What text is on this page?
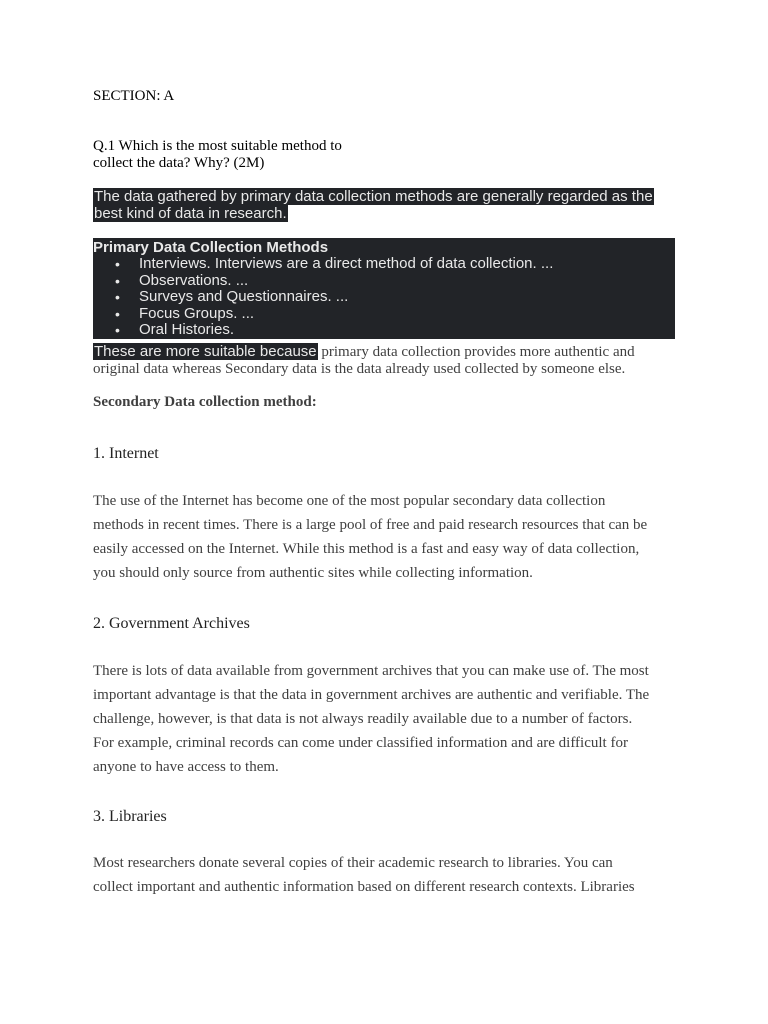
SECTION: A
Q.1 Which is the most suitable method to
collect the data? Why? (2M)
The data gathered by primary data collection methods are generally regarded as the
best kind of data in research.
Primary Data Collection Methods
• Interviews. Interviews are a direct method of data collection. ...
• Observations. ...
• Surveys and Questionnaires. ...
• Focus Groups. ...
• Oral Histories.
These are more suitable because primary data collection provides more authentic and
original data whereas Secondary data is the data already used collected by someone else.
Secondary Data collection method:
1. Internet
The use of the Internet has become one of the most popular secondary data collection
methods in recent times. There is a large pool of free and paid research resources that can be
easily accessed on the Internet. While this method is a fast and easy way of data collection,
you should only source from authentic sites while collecting information.
2. Government Archives
There is lots of data available from government archives that you can make use of. The most
important advantage is that the data in government archives are authentic and verifiable. The
challenge, however, is that data is not always readily available due to a number of factors.
For example, criminal records can come under classified information and are difficult for
anyone to have access to them.
3. Libraries
Most researchers donate several copies of their academic research to libraries. You can
collect important and authentic information based on different research contexts. Libraries
